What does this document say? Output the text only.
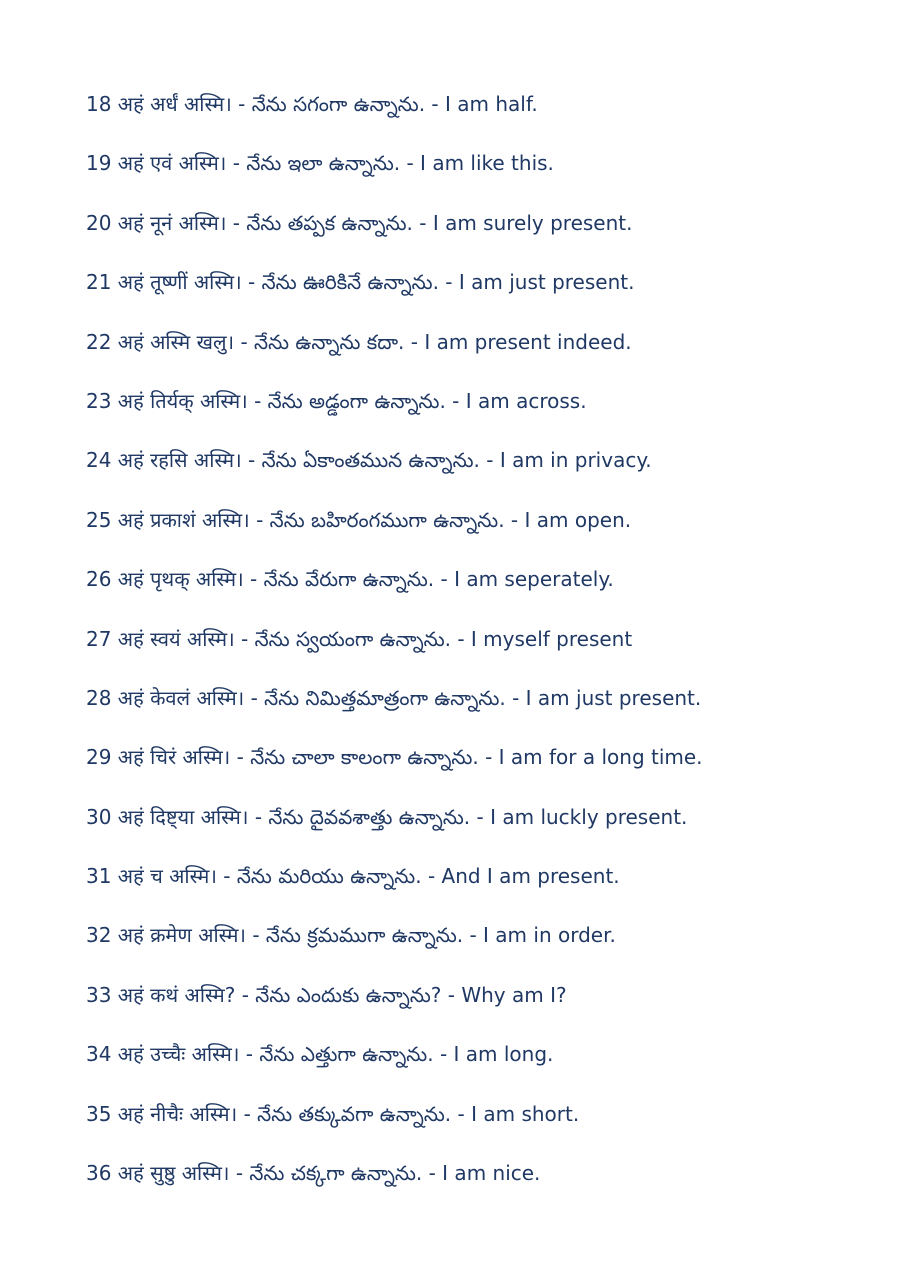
18 अहं अर्धं अस्मि। - నేను సగంగా ఉన్నాను. - I am half.
19 अहं एवं अस्मि। - నేను ఇలా ఉన్నాను. - I am like this.
20 अहं नूनं अस्मि। - నేను తప్పక ఉన్నాను. - I am surely present.
21 अहं तूष्णीं अस्मि। - నేను ఊరికినే ఉన్నాను. - I am just present.
22 अहं अस्मि खलु। - నేను ఉన్నాను కదా. - I am present indeed.
23 अहं तिर्यक् अस्मि। - నేను అడ్డంగా ఉన్నాను. - I am across.
24 अहं रहसि अस्मि। - నేను ఏకాంతమున ఉన్నాను. - I am in privacy.
25 अहं प्रकाशं अस्मि। - నేను బహిరంగముగా ఉన్నాను. - I am open.
26 अहं पृथक् अस्मि। - నేను వేరుగా ఉన్నాను. - I am seperately.
27 अहं स्वयं अस्मि। - నేను స్వయంగా ఉన్నాను. - I myself present
28 अहं केवलं अस्मि। - నేను నిమిత్తమాత్రంగా ఉన్నాను. - I am just present.
29 अहं चिरं अस्मि। - నేను చాలా కాలంగా ఉన్నాను. - I am for a long time.
30 अहं दिष्ट्या अस्मि। - నేను దైవవశాత్తు ఉన్నాను. - I am luckly present.
31 अहं च अस्मि। - నేను మరియు ఉన్నాను. - And I am present.
32 अहं क्रमेण अस्मि। - నేను క్రమముగా ఉన్నాను. - I am in order.
33 अहं कथं अस्मि? - నేను ఎందుకు ఉన్నాను? - Why am I?
34 अहं उच्चैः अस्मि। - నేను ఎత్తుగా ఉన్నాను. - I am long.
35 अहं नीचैः अस्मि। - నేను తక్కువగా ఉన్నాను. - I am short.
36 अहं सुष्ठु अस्मि। - నేను చక్కగా ఉన్నాను. - I am nice.
